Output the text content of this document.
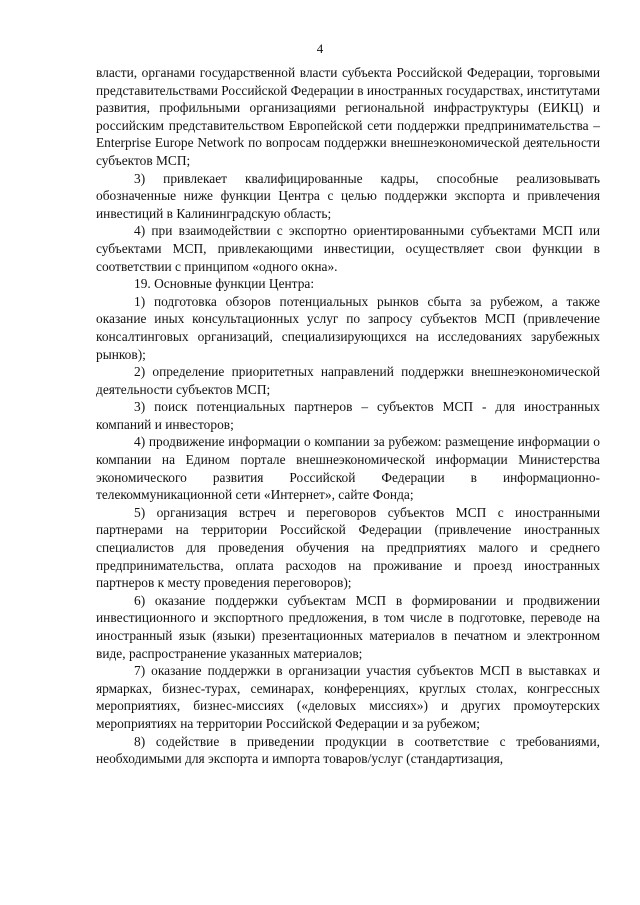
4

власти, органами государственной власти субъекта Российской Федерации, торговыми представительствами Российской Федерации в иностранных государствах, институтами развития, профильными организациями региональной инфраструктуры (ЕИКЦ) и российским представительством Европейской сети поддержки предпринимательства – Enterprise Europe Network по вопросам поддержки внешнеэкономической деятельности субъектов МСП;

3) привлекает квалифицированные кадры, способные реализовывать обозначенные ниже функции Центра с целью поддержки экспорта и привлечения инвестиций в Калининградскую область;

4) при взаимодействии с экспортно ориентированными субъектами МСП или субъектами МСП, привлекающими инвестиции, осуществляет свои функции в соответствии с принципом «одного окна».

19. Основные функции Центра:

1) подготовка обзоров потенциальных рынков сбыта за рубежом, а также оказание иных консультационных услуг по запросу субъектов МСП (привлечение консалтинговых организаций, специализирующихся на исследованиях зарубежных рынков);

2) определение приоритетных направлений поддержки внешнеэкономической деятельности субъектов МСП;

3) поиск потенциальных партнеров – субъектов МСП - для иностранных компаний и инвесторов;

4) продвижение информации о компании за рубежом: размещение информации о компании на Едином портале внешнеэкономической информации Министерства экономического развития Российской Федерации в информационно-телекоммуникационной сети «Интернет», сайте Фонда;

5) организация встреч и переговоров субъектов МСП с иностранными партнерами на территории Российской Федерации (привлечение иностранных специалистов для проведения обучения на предприятиях малого и среднего предпринимательства, оплата расходов на проживание и проезд иностранных партнеров к месту проведения переговоров);

6) оказание поддержки субъектам МСП в формировании и продвижении инвестиционного и экспортного предложения, в том числе в подготовке, переводе на иностранный язык (языки) презентационных материалов в печатном и электронном виде, распространение указанных материалов;

7) оказание поддержки в организации участия субъектов МСП в выставках и ярмарках, бизнес-турах, семинарах, конференциях, круглых столах, конгрессных мероприятиях, бизнес-миссиях («деловых миссиях») и других промоутерских мероприятиях на территории Российской Федерации и за рубежом;

8) содействие в приведении продукции в соответствие с требованиями, необходимыми для экспорта и импорта товаров/услуг (стандартизация,
